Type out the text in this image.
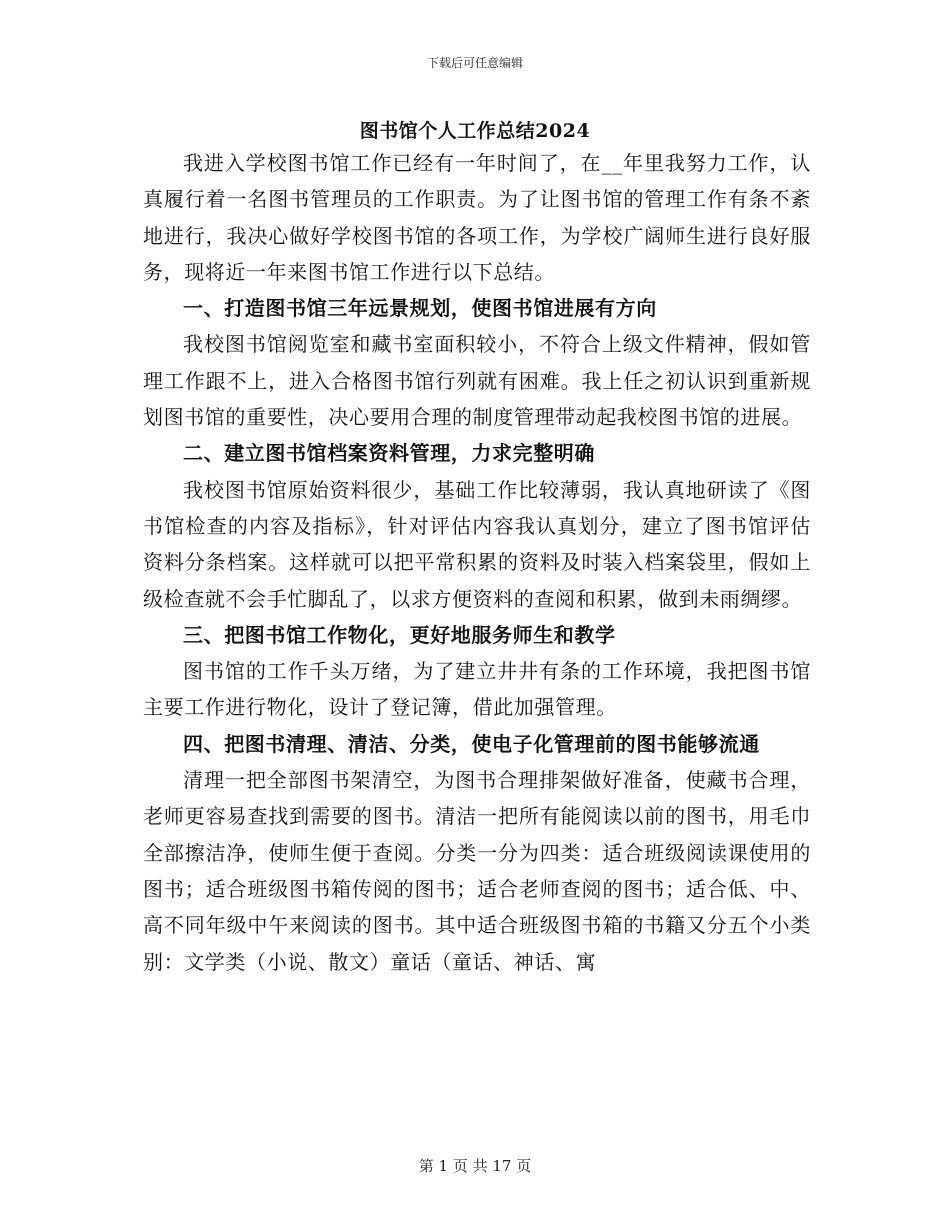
下载后可任意编辑
图书馆个人工作总结2024

我进入学校图书馆工作已经有一年时间了，在__年里我努力工作，认真履行着一名图书管理员的工作职责。为了让图书馆的管理工作有条不紊地进行，我决心做好学校图书馆的各项工作，为学校广阔师生进行良好服务，现将近一年来图书馆工作进行以下总结。

一、打造图书馆三年远景规划，使图书馆进展有方向

我校图书馆阅览室和藏书室面积较小，不符合上级文件精神，假如管理工作跟不上，进入合格图书馆行列就有困难。我上任之初认识到重新规划图书馆的重要性，决心要用合理的制度管理带动起我校图书馆的进展。

二、建立图书馆档案资料管理，力求完整明确

我校图书馆原始资料很少，基础工作比较薄弱，我认真地研读了《图书馆检查的内容及指标》，针对评估内容我认真划分，建立了图书馆评估资料分条档案。这样就可以把平常积累的资料及时装入档案袋里，假如上级检查就不会手忙脚乱了，以求方便资料的查阅和积累，做到未雨绸缪。

三、把图书馆工作物化，更好地服务师生和教学

图书馆的工作千头万绪，为了建立井井有条的工作环境，我把图书馆主要工作进行物化，设计了登记簿，借此加强管理。

四、把图书清理、清洁、分类，使电子化管理前的图书能够流通

清理一把全部图书架清空，为图书合理排架做好准备，使藏书合理，老师更容易查找到需要的图书。清洁一把所有能阅读以前的图书，用毛巾全部擦洁净，使师生便于查阅。分类一分为四类：适合班级阅读课使用的图书；适合班级图书箱传阅的图书；适合老师查阅的图书；适合低、中、高不同年级中午来阅读的图书。其中适合班级图书箱的书籍又分五个小类别：文学类（小说、散文）童话（童话、神话、寓

第 1 页 共 17 页
